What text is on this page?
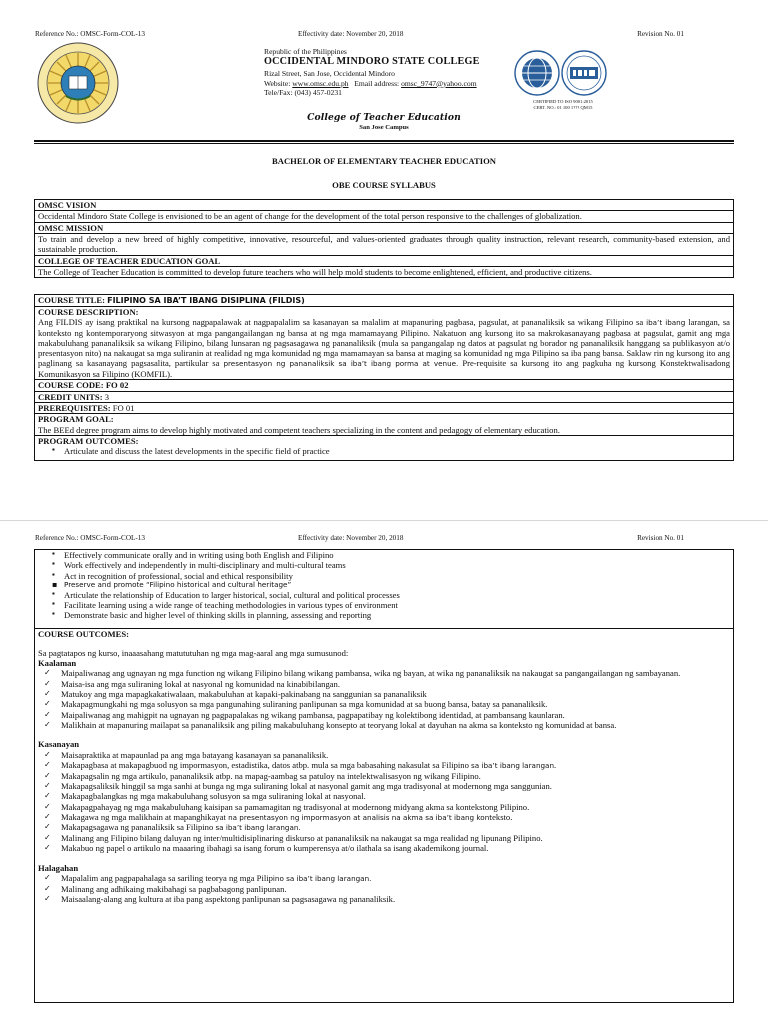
Reference No.: OMSC-Form-COL-13	Effectivity date: November 20, 2018	Revision No. 01
Republic of the Philippines
OCCIDENTAL MINDORO STATE COLLEGE
Rizal Street, San Jose, Occidental Mindoro
Website: www.omsc.edu.ph Email address: omsc_9747@yahoo.com
Tele/Fax: (043) 457-0231
CERTIFIED TO ISO 9001:2015
CERT. NO.: 01 100 1??? QM15
College of Teacher Education
San Jose Campus
BACHELOR OF ELEMENTARY TEACHER EDUCATION
OBE COURSE SYLLABUS
OMSC VISION
Occidental Mindoro State College is envisioned to be an agent of change for the development of the total person responsive to the challenges of globalization.
OMSC MISSION
To train and develop a new breed of highly competitive, innovative, resourceful, and values-oriented graduates through quality instruction, relevant research, community-based extension, and sustainable production.
COLLEGE OF TEACHER EDUCATION GOAL
The College of Teacher Education is committed to develop future teachers who will help mold students to become enlightened, efficient, and productive citizens.
COURSE TITLE: FILIPINO SA IBA’T IBANG DISIPLINA (FILDIS)
COURSE DESCRIPTION:
Ang FILDIS ay isang praktikal na kursong nagpapalawak at nagpapalalim sa kasanayan sa malalim at mapanuring pagbasa, pagsulat, at pananaliksik sa wikang Filipino sa iba’t ibang larangan, sa konteksto ng kontemporaryong sitwasyon at mga pangangailangan ng bansa at ng mga mamamayang Pilipino. Nakatuon ang kursong ito sa makrokasanayang pagbasa at pagsulat, gamit ang mga makabuluhang pananaliksik sa wikang Filipino, bilang lunsaran ng pagsasagawa ng pananaliksik (mula sa pangangalap ng datos at pagsulat ng borador ng pananaliksik hanggang sa publikasyon at/o presentasyon nito) na nakaugat sa mga suliranin at realidad ng mga komunidad ng mga mamamayan sa bansa at maging sa komunidad ng mga Pilipino sa iba pang bansa. Saklaw rin ng kursong ito ang paglinang sa kasanayang pagsasalita, partikular sa presentasyon ng pananaliksik sa iba’t ibang porma at venue. Pre-requisite sa kursong ito ang pagkuha ng kursong Konstektwalisadong Komunikasyon sa Filipino (KOMFIL).
COURSE CODE: FO 02
CREDIT UNITS: 3
PREREQUISITES: FO 01
PROGRAM GOAL:
The BEEd degree program aims to develop highly motivated and competent teachers specializing in the content and pedagogy of elementary education.
PROGRAM OUTCOMES:
▪ Articulate and discuss the latest developments in the specific field of practice
Reference No.: OMSC-Form-COL-13	Effectivity date: November 20, 2018	Revision No. 01
▪ Effectively communicate orally and in writing using both English and Filipino
▪ Work effectively and independently in multi-disciplinary and multi-cultural teams
▪ Act in recognition of professional, social and ethical responsibility
▪ Preserve and promote “Filipino historical and cultural heritage”
▪ Articulate the relationship of Education to larger historical, social, cultural and political processes
▪ Facilitate learning using a wide range of teaching methodologies in various types of environment
▪ Demonstrate basic and higher level of thinking skills in planning, assessing and reporting
COURSE OUTCOMES:
Sa pagtatapos ng kurso, inaaasahang matututuhan ng mga mag-aaral ang mga sumusunod:
Kaalaman
✓ Maipaliwanag ang ugnayan ng mga function ng wikang Filipino bilang wikang pambansa, wika ng bayan, at wika ng pananaliksik na nakaugat sa pangangailangan ng sambayanan.
✓ Maisa-isa ang mga suliraning lokal at nasyonal ng komunidad na kinabibilangan.
✓ Matukoy ang mga mapagkakatiwalaan, makabuluhan at kapaki-pakinabang na sanggunian sa pananaliksik
✓ Makapagmungkahi ng mga solusyon sa mga pangunahing suliraning panlipunan sa mga komunidad at sa buong bansa, batay sa pananaliksik.
✓ Maipaliwanag ang mahigpit na ugnayan ng pagpapalakas ng wikang pambansa, pagpapatibay ng kolektibong identidad, at pambansang kaunlaran.
✓ Malikhain at mapanuring mailapat sa pananaliksik ang piling makabuluhang konsepto at teoryang lokal at dayuhan na akma sa konteksto ng komunidad at bansa.
Kasanayan
✓ Maisapraktika at mapaunlad pa ang mga batayang kasanayan sa pananaliksik.
✓ Makapagbasa at makapagbuod ng impormasyon, estadistika, datos atbp. mula sa mga babasahing nakasulat sa Filipino sa iba’t ibang larangan.
✓ Makapagsalin ng mga artikulo, pananaliksik atbp. na mapag-aambag sa patuloy na intelektwalisasyon ng wikang Filipino.
✓ Makapagsaliksik hinggil sa mga sanhi at bunga ng mga suliraning lokal at nasyonal gamit ang mga tradisyonal at modernong mga sanggunian.
✓ Makapagbalangkas ng mga makabuluhang solusyon sa mga suliraning lokal at nasyonal.
✓ Makapagpahayag ng mga makabuluhang kaisipan sa pamamagitan ng tradisyonal at modernong midyang akma sa kontekstong Pilipino.
✓ Makagawa ng mga malikhain at mapanghikayat na presentasyon ng impormasyon at analisis na akma sa iba’t ibang konteksto.
✓ Makapagsagawa ng pananaliksik sa Filipino sa iba’t ibang larangan.
✓ Malinang ang Filipino bilang daluyan ng inter/multidisiplinaring diskurso at pananaliksik na nakaugat sa mga realidad ng lipunang Pilipino.
✓ Makabuo ng papel o artikulo na maaaring ibahagi sa isang forum o kumperensya at/o ilathala sa isang akademikong journal.
Halagahan
✓ Mapalalim ang pagpapahalaga sa sariling teorya ng mga Pilipino sa iba’t ibang larangan.
✓ Malinang ang adhikaing makibahagi sa pagbabagong panlipunan.
✓ Maisaalang-alang ang kultura at iba pang aspektong panlipunan sa pagsasagawa ng pananaliksik.
